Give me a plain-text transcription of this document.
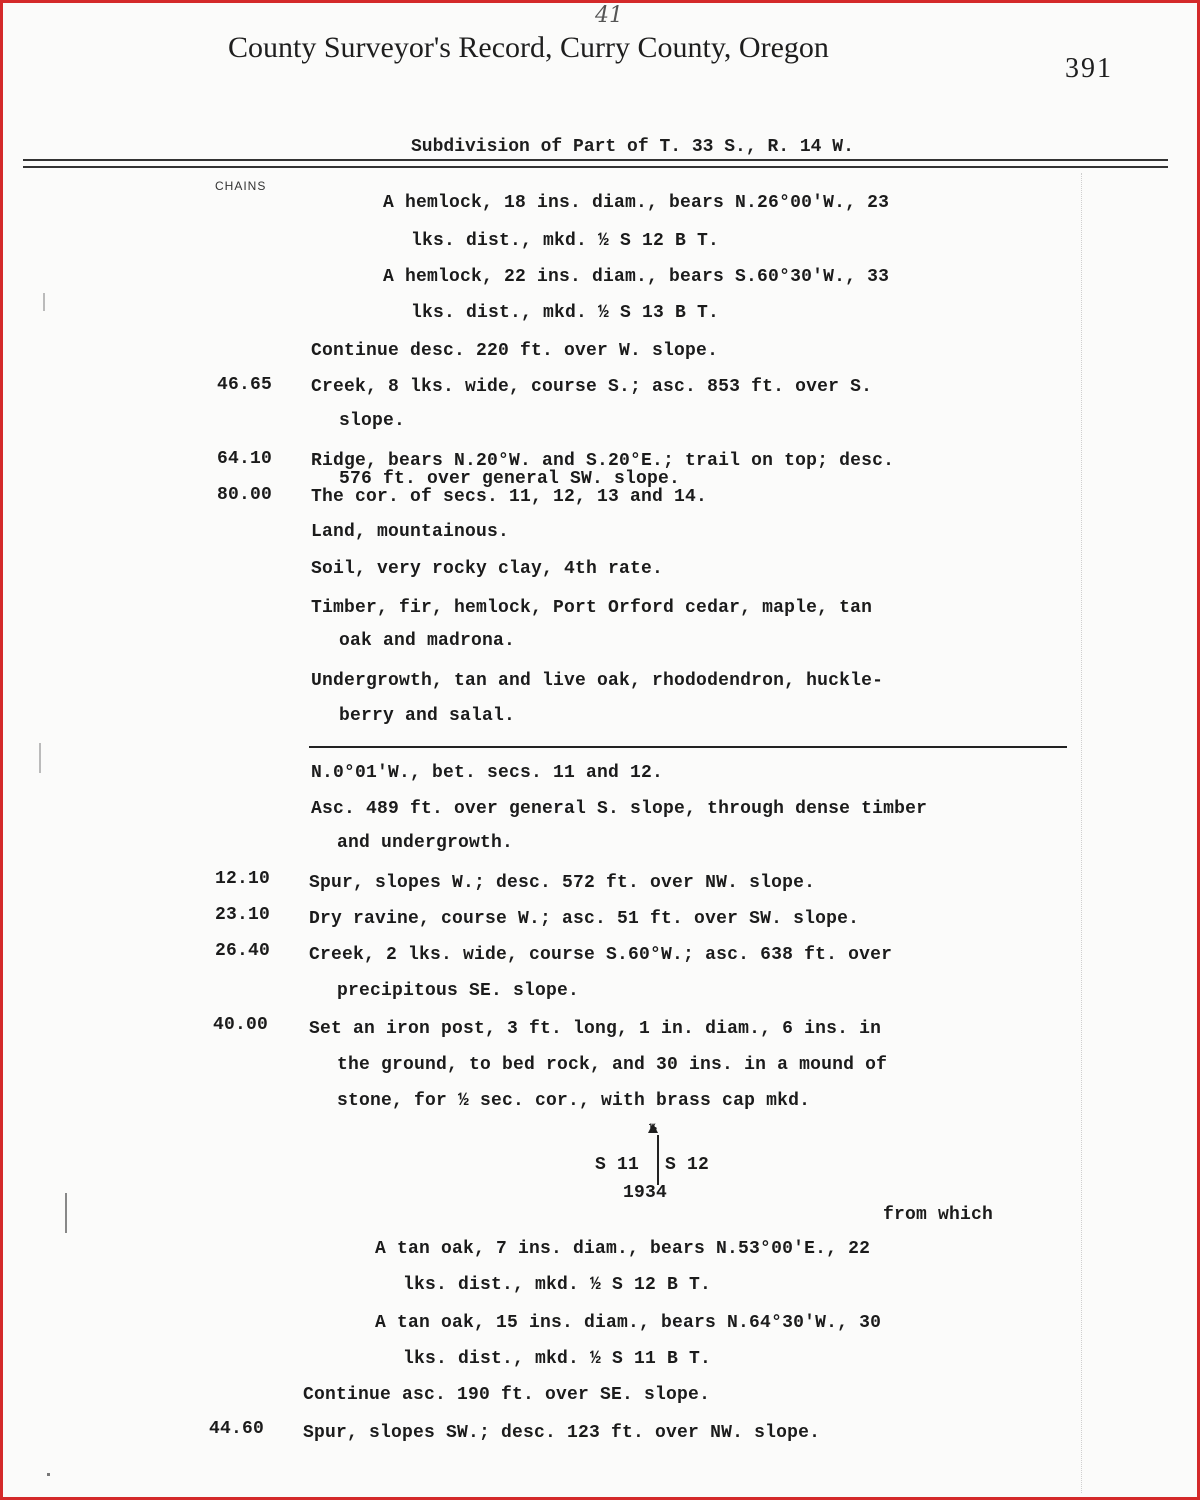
41
County Surveyor's Record, Curry County, Oregon
391
Subdivision of Part of T. 33 S., R. 14 W.
CHAINS
A hemlock, 18 ins. diam., bears N.26°00'W., 23
lks. dist., mkd. ½ S 12 B T.
A hemlock, 22 ins. diam., bears S.60°30'W., 33
lks. dist., mkd. ½ S 13 B T.
Continue desc. 220 ft. over W. slope.
46.65 Creek, 8 lks. wide, course S.; asc. 853 ft. over S.
slope.
64.10 Ridge, bears N.20°W. and S.20°E.; trail on top; desc.
576 ft. over general SW. slope.
80.00 The cor. of secs. 11, 12, 13 and 14.
Land, mountainous.
Soil, very rocky clay, 4th rate.
Timber, fir, hemlock, Port Orford cedar, maple, tan
oak and madrona.
Undergrowth, tan and live oak, rhododendron, huckle-
berry and salal.
N.0°01'W., bet. secs. 11 and 12.
Asc. 489 ft. over general S. slope, through dense timber
and undergrowth.
12.10 Spur, slopes W.; desc. 572 ft. over NW. slope.
23.10 Dry ravine, course W.; asc. 51 ft. over SW. slope.
26.40 Creek, 2 lks. wide, course S.60°W.; asc. 638 ft. over
precipitous SE. slope.
40.00 Set an iron post, 3 ft. long, 1 in. diam., 6 ins. in
the ground, to bed rock, and 30 ins. in a mound of
stone, for ½ sec. cor., with brass cap mkd.
½
S 11 S 12
1934
from which
A tan oak, 7 ins. diam., bears N.53°00'E., 22
lks. dist., mkd. ½ S 12 B T.
A tan oak, 15 ins. diam., bears N.64°30'W., 30
lks. dist., mkd. ½ S 11 B T.
Continue asc. 190 ft. over SE. slope.
44.60 Spur, slopes SW.; desc. 123 ft. over NW. slope.
